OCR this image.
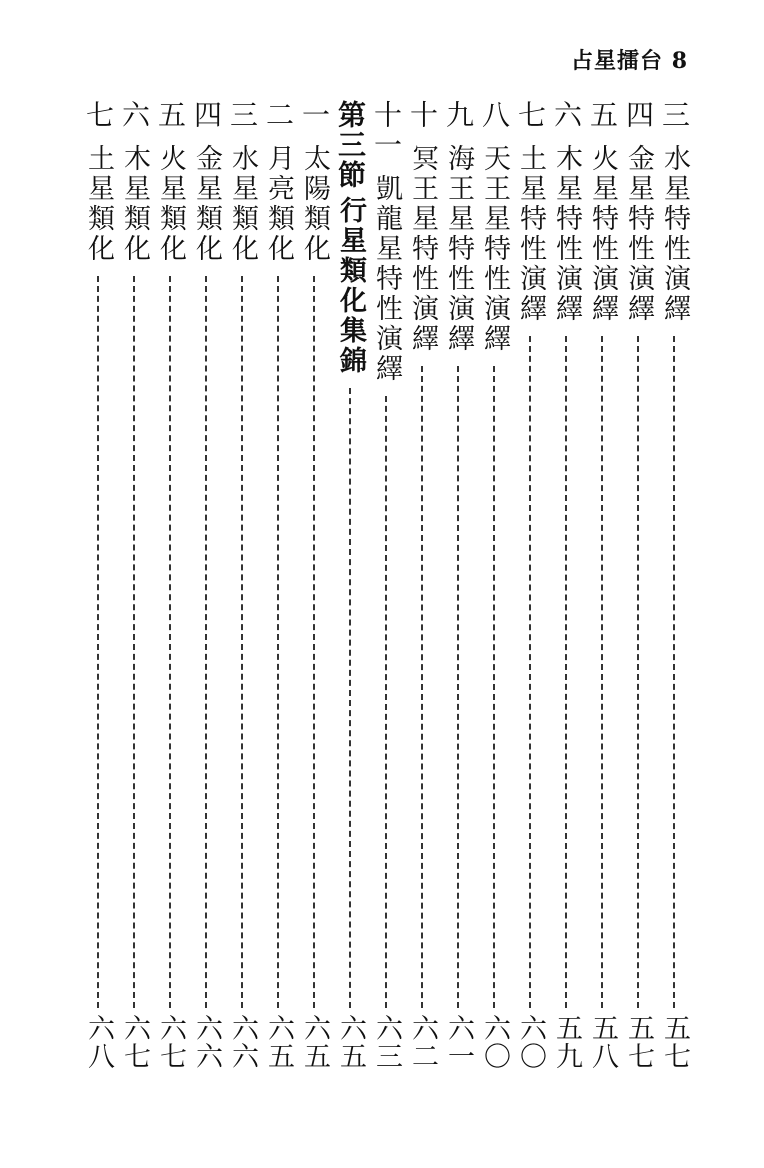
占星擂台 8
三
水星特性演繹
五七
四
金星特性演繹
五七
五
火星特性演繹
五八
六
木星特性演繹
五九
七
土星特性演繹
六〇
八
天王星特性演繹
六〇
九
海王星特性演繹
六一
十
冥王星特性演繹
六二
十一
凱龍星特性演繹
六三
第三節
行星類化集錦
六五
一
太陽類化
六五
二
月亮類化
六五
三
水星類化
六六
四
金星類化
六六
五
火星類化
六七
六
木星類化
六七
七
土星類化
六八
